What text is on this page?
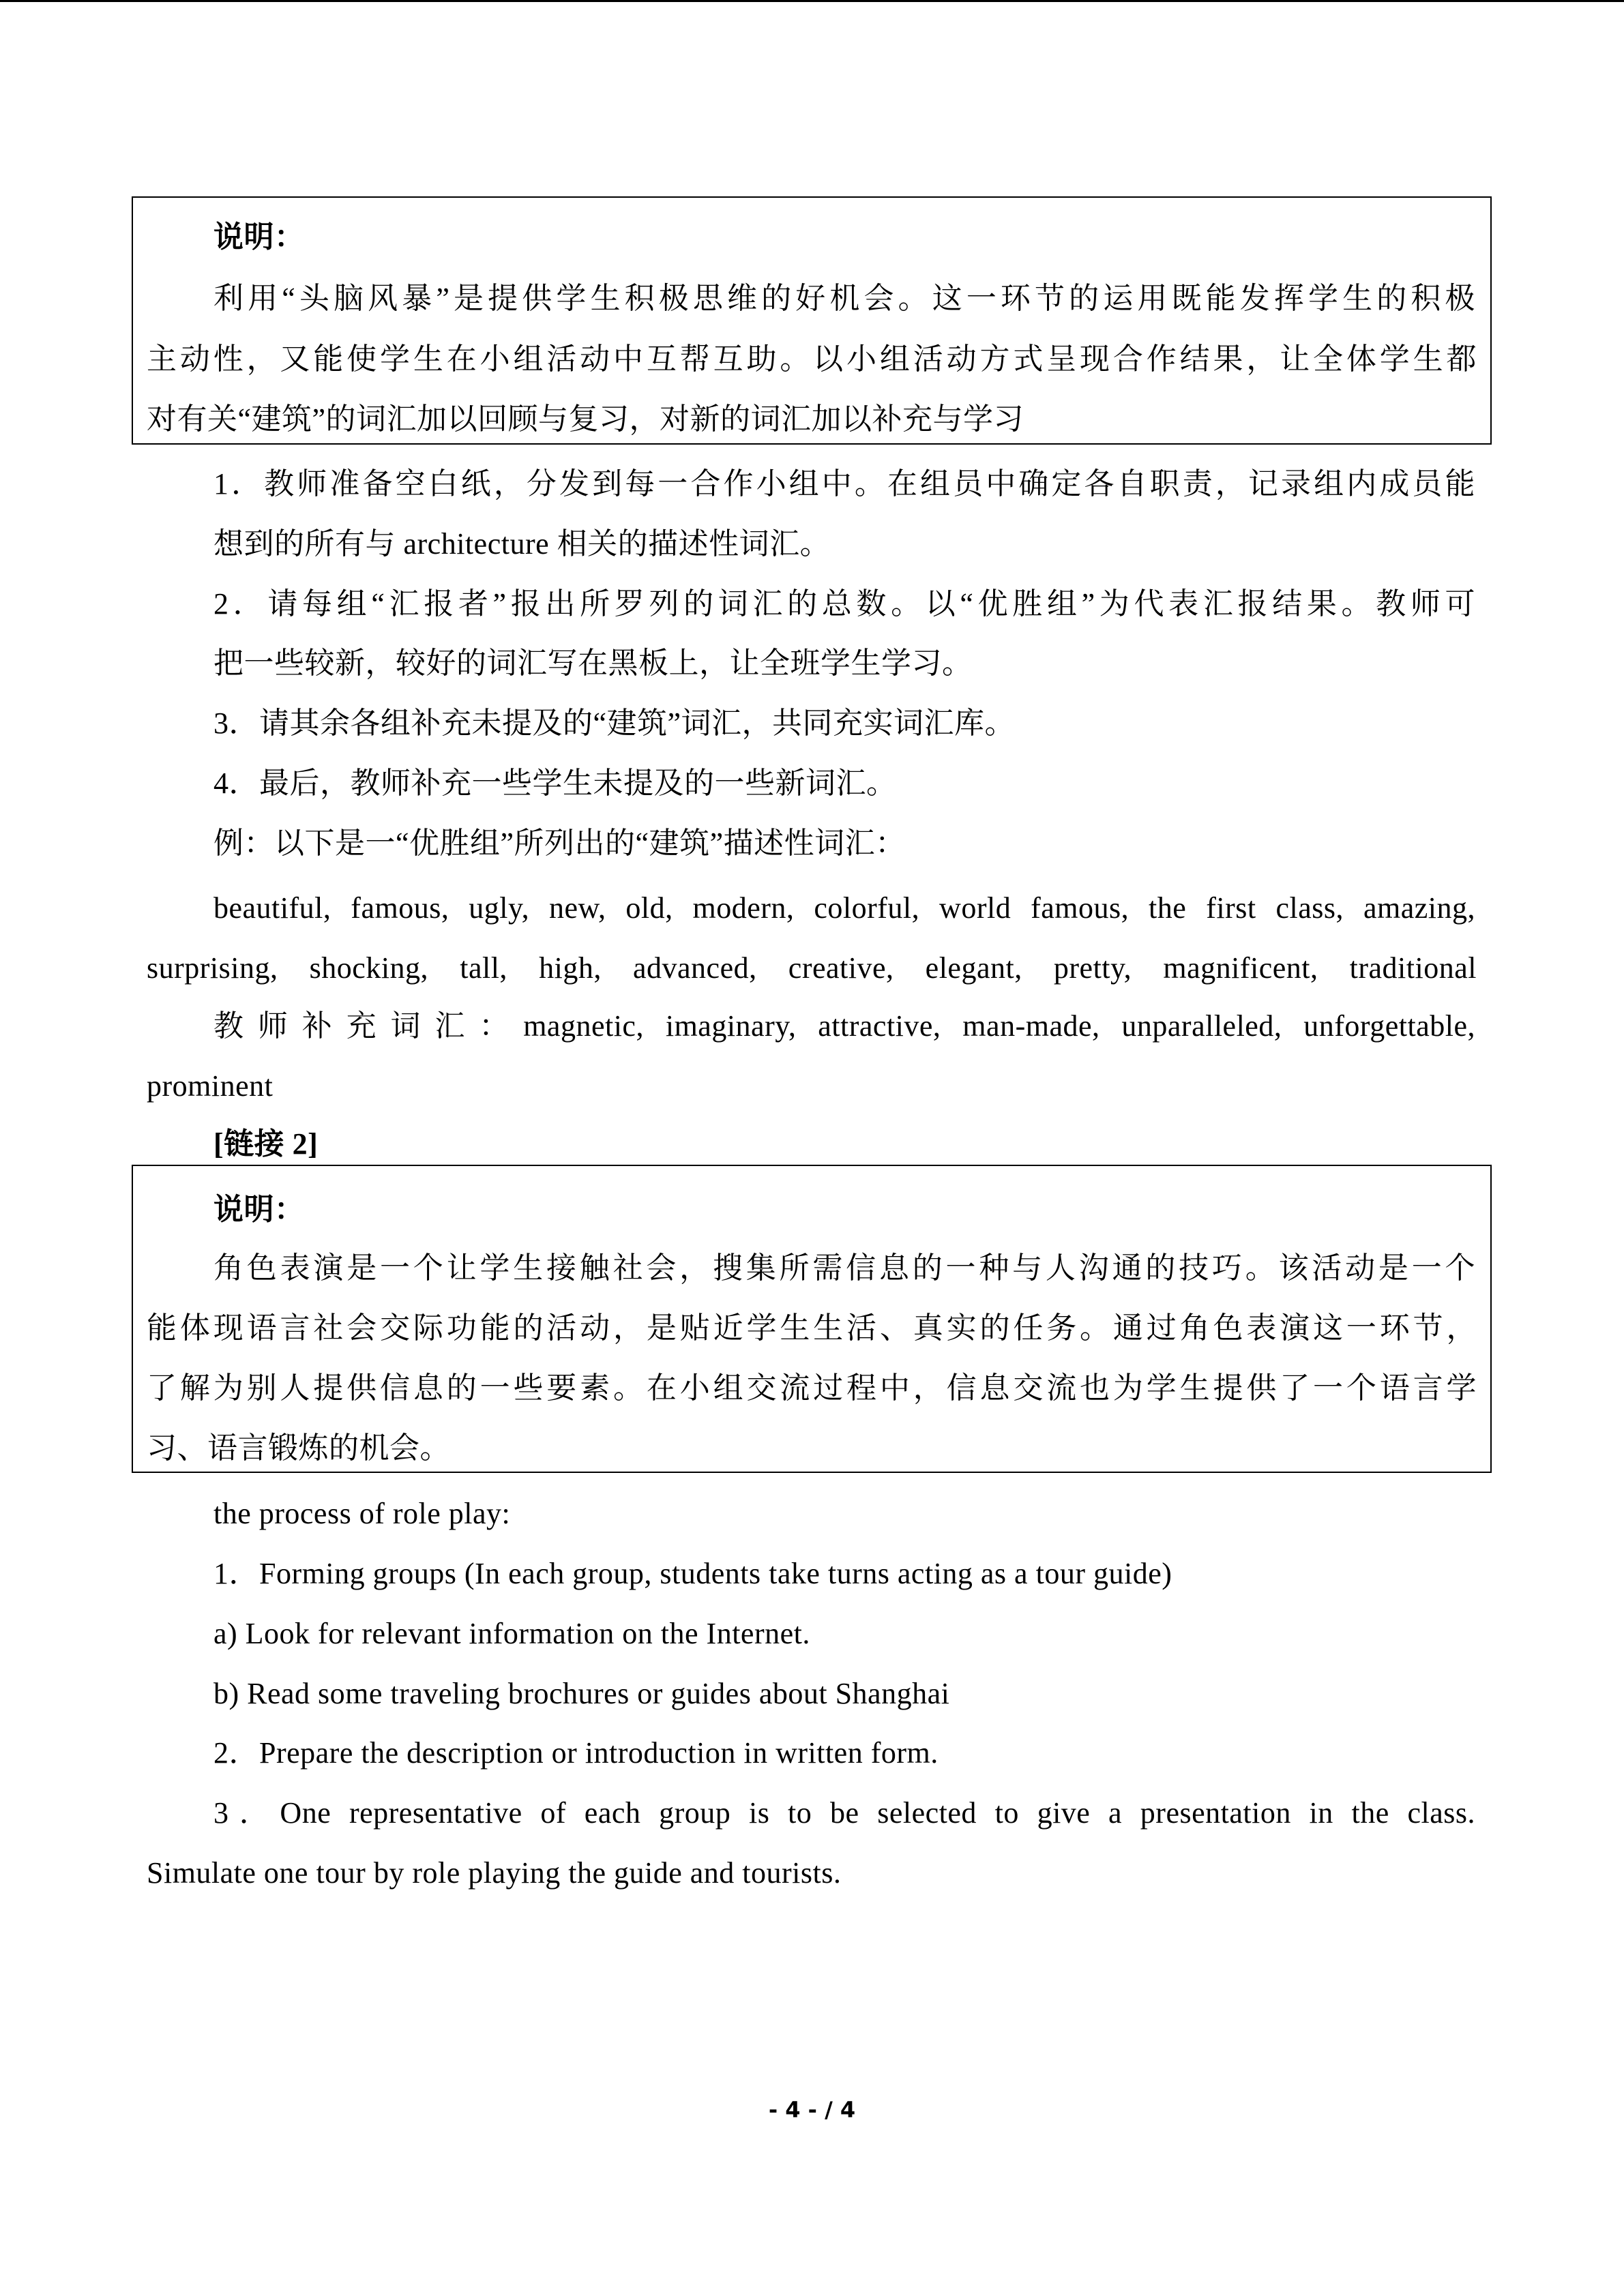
说明：
利用“头脑风暴”是提供学生积极思维的好机会。这一环节的运用既能发挥学生的积极
主动性，又能使学生在小组活动中互帮互助。以小组活动方式呈现合作结果，让全体学生都
对有关“建筑”的词汇加以回顾与复习，对新的词汇加以补充与学习
1．教师准备空白纸，分发到每一合作小组中。在组员中确定各自职责，记录组内成员能
想到的所有与 architecture 相关的描述性词汇。
2．请每组“汇报者”报出所罗列的词汇的总数。以“优胜组”为代表汇报结果。教师可
把一些较新，较好的词汇写在黑板上，让全班学生学习。
3．请其余各组补充未提及的“建筑”词汇，共同充实词汇库。
4．最后，教师补充一些学生未提及的一些新词汇。
例：以下是一“优胜组”所列出的“建筑”描述性词汇：
beautiful, famous, ugly, new, old, modern, colorful, world famous, the first class, amazing,
surprising, shocking, tall, high, advanced, creative, elegant, pretty, magnificent, traditional
教师补充词汇：magnetic, imaginary, attractive, man-made, unparalleled, unforgettable,
prominent
[链接 2]
说明：
角色表演是一个让学生接触社会，搜集所需信息的一种与人沟通的技巧。该活动是一个
能体现语言社会交际功能的活动，是贴近学生生活、真实的任务。通过角色表演这一环节，
了解为别人提供信息的一些要素。在小组交流过程中，信息交流也为学生提供了一个语言学
习、语言锻炼的机会。
the process of role play:
1．Forming groups (In each group, students take turns acting as a tour guide)
a) Look for relevant information on the Internet.
b) Read some traveling brochures or guides about Shanghai
2．Prepare the description or introduction in written form.
3．One representative of each group is to be selected to give a presentation in the class.
Simulate one tour by role playing the guide and tourists.
- 4 - / 4
